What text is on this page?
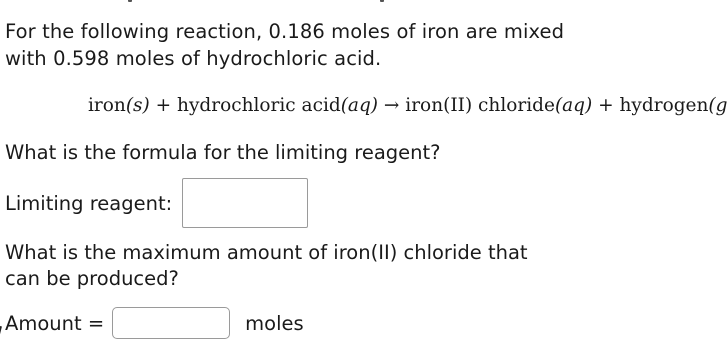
For the following reaction, 0.186 moles of iron are mixed
with 0.598 moles of hydrochloric acid.
iron(s) + hydrochloric acid(aq) → iron(II) chloride(aq) + hydrogen(g
What is the formula for the limiting reagent?
Limiting reagent:
What is the maximum amount of iron(II) chloride that
can be produced?
Amount =	moles
